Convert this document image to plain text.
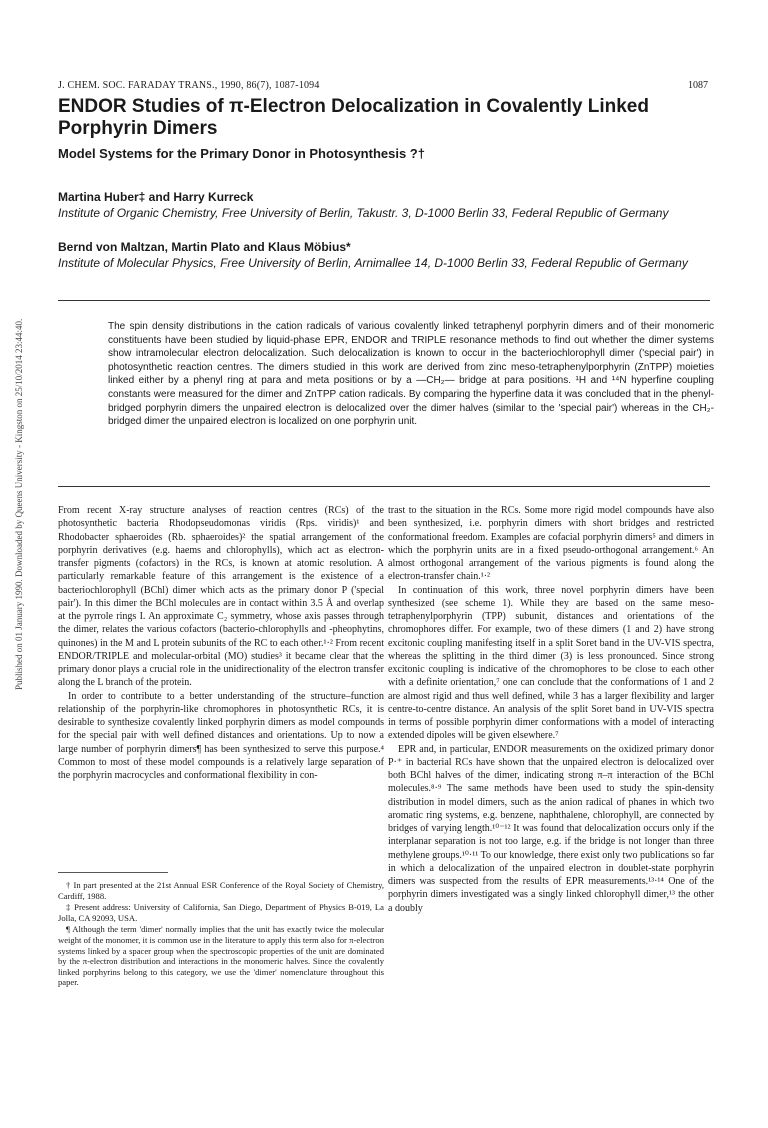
Published on 01 January 1990. Downloaded by Queens University - Kingston on 25/10/2014 23:44:40.
J. CHEM. SOC. FARADAY TRANS., 1990, 86(7), 1087-1094	1087
ENDOR Studies of π-Electron Delocalization in Covalently Linked Porphyrin Dimers
Model Systems for the Primary Donor in Photosynthesis ?†
Martina Huber‡ and Harry Kurreck
Institute of Organic Chemistry, Free University of Berlin, Takustr. 3, D-1000 Berlin 33, Federal Republic of Germany
Bernd von Maltzan, Martin Plato and Klaus Möbius*
Institute of Molecular Physics, Free University of Berlin, Arnimallee 14, D-1000 Berlin 33, Federal Republic of Germany
The spin density distributions in the cation radicals of various covalently linked tetraphenyl porphyrin dimers and of their monomeric constituents have been studied by liquid-phase EPR, ENDOR and TRIPLE resonance methods to find out whether the dimer systems show intramolecular electron delocalization. Such delocalization is known to occur in the bacteriochlorophyll dimer ('special pair') in photosynthetic reaction centres. The dimers studied in this work are derived from zinc meso-tetraphenylporphyrin (ZnTPP) moieties linked either by a phenyl ring at para and meta positions or by a —CH₂— bridge at para positions. ¹H and ¹⁴N hyperfine coupling constants were measured for the dimer and ZnTPP cation radicals. By comparing the hyperfine data it was concluded that in the phenyl-bridged porphyrin dimers the unpaired electron is delocalized over the dimer halves (similar to the 'special pair') whereas in the CH₂-bridged dimer the unpaired electron is localized on one porphyrin unit.

From recent X-ray structure analyses of reaction centres (RCs) of the photosynthetic bacteria Rhodopseudomonas viridis (Rps. viridis)¹ and Rhodobacter sphaeroides (Rb. sphaeroides)² the spatial arrangement of the porphyrin derivatives (e.g. haems and chlorophylls), which act as electron-transfer pigments (cofactors) in the RCs, is known at atomic resolution. A particularly remarkable feature of this arrangement is the existence of a bacteriochlorophyll (BChl) dimer which acts as the primary donor P ('special pair'). In this dimer the BChl molecules are in contact within 3.5 Å and overlap at the pyrrole rings I. An approximate C₂ symmetry, whose axis passes through the dimer, relates the various cofactors (bacterio-chlorophylls and -pheophytins, quinones) in the M and L protein subunits of the RC to each other.¹·² From recent ENDOR/TRIPLE and molecular-orbital (MO) studies³ it became clear that the primary donor plays a crucial role in the unidirectionality of the electron transfer along the L branch of the protein.

In order to contribute to a better understanding of the structure–function relationship of the porphyrin-like chromophores in photosynthetic RCs, it is desirable to synthesize covalently linked porphyrin dimers as model compounds for the special pair with well defined distances and orientations. Up to now a large number of porphyrin dimers¶ has been synthesized to serve this purpose.⁴ Common to most of these model compounds is a relatively large separation of the porphyrin macrocycles and conformational flexibility in con-

trast to the situation in the RCs. Some more rigid model compounds have also been synthesized, i.e. porphyrin dimers with short bridges and restricted conformational freedom. Examples are cofacial porphyrin dimers⁵ and dimers in which the porphyrin units are in a fixed pseudo-orthogonal arrangement.⁶ An almost orthogonal arrangement of the various pigments is found along the electron-transfer chain.¹·²

In continuation of this work, three novel porphyrin dimers have been synthesized (see scheme 1). While they are based on the same meso-tetraphenylporphyrin (TPP) subunit, distances and orientations of the chromophores differ. For example, two of these dimers (1 and 2) have strong excitonic coupling manifesting itself in a split Soret band in the UV-VIS spectra, whereas the splitting in the third dimer (3) is less pronounced. Since strong excitonic coupling is indicative of the chromophores to be close to each other with a definite orientation,⁷ one can conclude that the conformations of 1 and 2 are almost rigid and thus well defined, while 3 has a larger flexibility and larger centre-to-centre distance. An analysis of the split Soret band in UV-VIS spectra in terms of possible porphyrin dimer conformations with a model of interacting extended dipoles will be given elsewhere.⁷

EPR and, in particular, ENDOR measurements on the oxidized primary donor P·⁺ in bacterial RCs have shown that the unpaired electron is delocalized over both BChl halves of the dimer, indicating strong π–π interaction of the BChl molecules.⁸·⁹ The same methods have been used to study the spin-density distribution in model dimers, such as the anion radical of phanes in which two aromatic ring systems, e.g. benzene, naphthalene, chlorophyll, are connected by bridges of varying length.¹⁰⁻¹² It was found that delocalization occurs only if the interplanar separation is not too large, e.g. if the bridge is not longer than three methylene groups.¹⁰·¹¹ To our knowledge, there exist only two publications so far in which a delocalization of the unpaired electron in doublet-state porphyrin dimers was suspected from the results of EPR measurements.¹³·¹⁴ One of the porphyrin dimers investigated was a singly linked chlorophyll dimer,¹³ the other a doubly

† In part presented at the 21st Annual ESR Conference of the Royal Society of Chemistry, Cardiff, 1988.

‡ Present address: University of California, San Diego, Department of Physics B-019, La Jolla, CA 92093, USA.

¶ Although the term 'dimer' normally implies that the unit has exactly twice the molecular weight of the monomer, it is common use in the literature to apply this term also for π-electron systems linked by a spacer group when the spectroscopic properties of the unit are dominated by the π-electron distribution and interactions in the monomeric halves. Since the covalently linked porphyrins belong to this category, we use the 'dimer' nomenclature throughout this paper.
